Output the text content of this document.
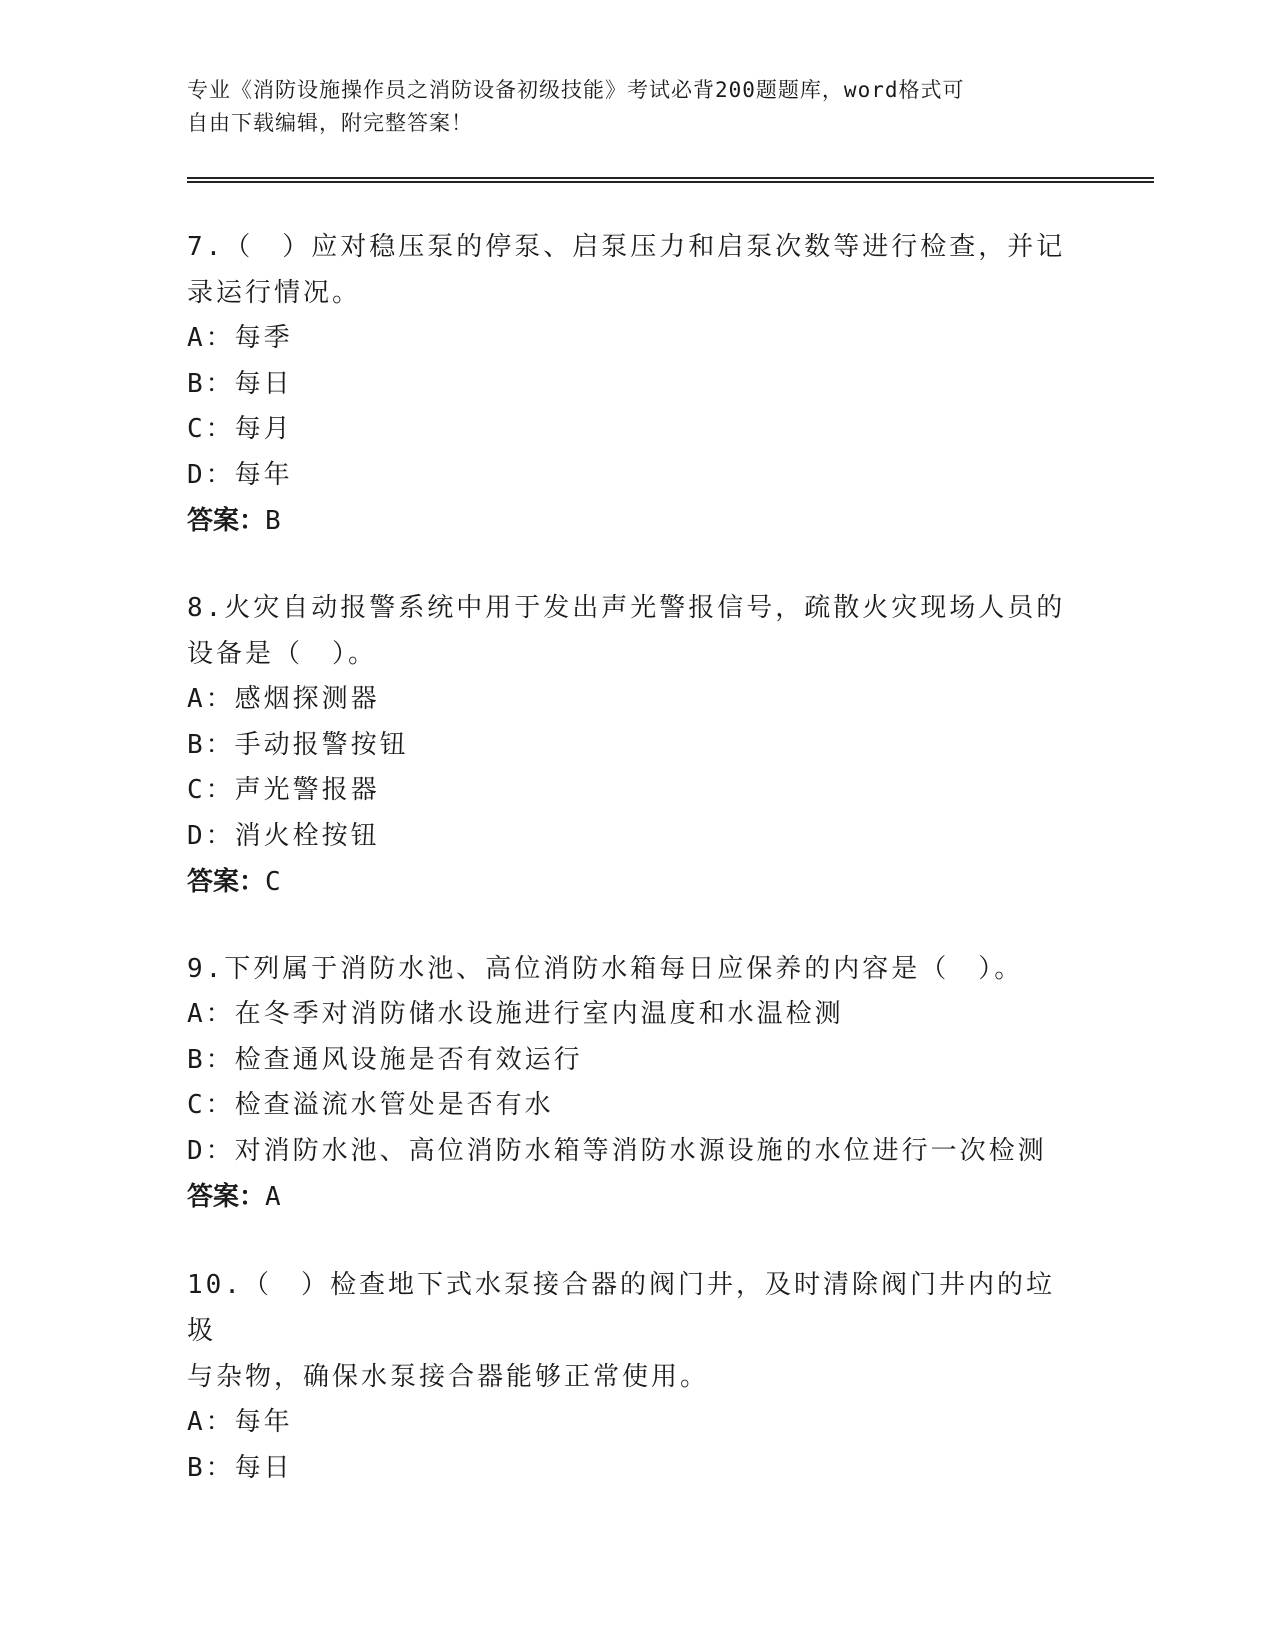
专业《消防设施操作员之消防设备初级技能》考试必背200题题库，word格式可
自由下载编辑，附完整答案！

7.（　）应对稳压泵的停泵、启泵压力和启泵次数等进行检查，并记

录运行情况。

A：每季

B：每日

C：每月

D：每年

答案：B

8.火灾自动报警系统中用于发出声光警报信号，疏散火灾现场人员的

设备是（　）。

A：感烟探测器

B：手动报警按钮

C：声光警报器

D：消火栓按钮

答案：C

9.下列属于消防水池、高位消防水箱每日应保养的内容是（　）。

A：在冬季对消防储水设施进行室内温度和水温检测

B：检查通风设施是否有效运行

C：检查溢流水管处是否有水

D：对消防水池、高位消防水箱等消防水源设施的水位进行一次检测

答案：A

10.（　）检查地下式水泵接合器的阀门井，及时清除阀门井内的垃圾

与杂物，确保水泵接合器能够正常使用。

A：每年

B：每日
